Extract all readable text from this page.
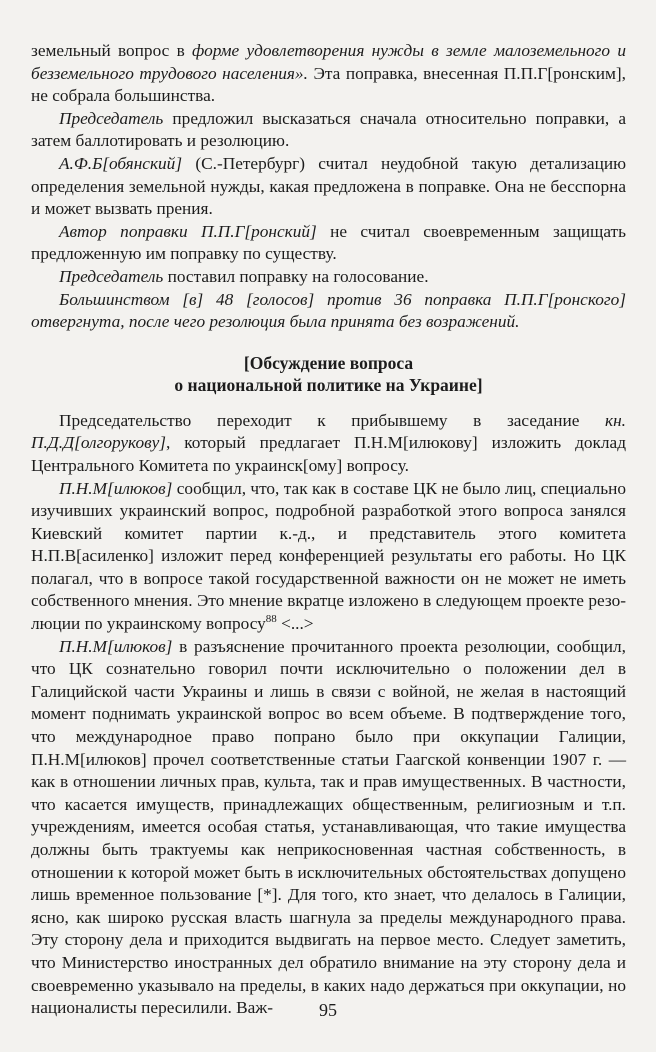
земельный вопрос в форме удовлетворения нужды в земле малоземельного и безземельного трудового населения». Эта поправка, внесенная П.П.Г[ронским], не собрала большинства.

Председатель предложил высказаться сначала относительно поправки, а затем баллотировать и резолюцию.

А.Ф.Б[обянский] (С.-Петербург) считал неудобной такую детализацию определения земельной нужды, какая предложена в поправке. Она не бесспорна и может вызвать прения.

Автор поправки П.П.Г[ронский] не считал своевременным защищать предложенную им поправку по существу.

Председатель поставил поправку на голосование.

Большинством [в] 48 [голосов] против 36 поправка П.П.Г[ронского] отвергнута, после чего резолюция была принята без возражений.

[Обсуждение вопроса
о национальной политике на Украине]

Председательство переходит к прибывшему в заседание кн. П.Д.Д[олгорукову], который предлагает П.Н.М[илюкову] изложить доклад Центрального Комитета по украинск[ому] вопросу.

П.Н.М[илюков] сообщил, что, так как в составе ЦК не было лиц, специально изучивших украинский вопрос, подробной разработкой этого вопроса занялся Киевский комитет партии к.-д., и представитель этого комитета Н.П.В[асиленко] изложит перед конференцией результаты его работы. Но ЦК полагал, что в вопросе такой государственной важности он не может не иметь собственного мнения. Это мнение вкратце изложено в следующем проекте резолюции по украинскому вопросу$^{88}$ <...>

П.Н.М[илюков] в разъяснение прочитанного проекта резолюции, сообщил, что ЦК сознательно говорил почти исключительно о положении дел в Галицийской части Украины и лишь в связи с войной, не желая в настоящий момент поднимать украинской вопрос во всем объеме. В подтверждение того, что международное право попрано было при оккупации Галиции, П.Н.М[илюков] прочел соответственные статьи Гаагской конвенции 1907 г. — как в отношении личных прав, культа, так и прав имущественных. В частности, что касается имуществ, принадлежащих общественным, религиозным и т.п. учреждениям, имеется особая статья, устанавливающая, что такие имущества должны быть трактуемы как неприкосновенная частная собственность, в отношении к которой может быть в исключительных обстоятельствах допущено лишь временное пользование [*]. Для того, кто знает, что делалось в Галиции, ясно, как широко русская власть шагнула за пределы международного права. Эту сторону дела и приходится выдвигать на первое место. Следует заметить, что Министерство иностранных дел обратило внимание на эту сторону дела и своевременно указывало на пределы, в каких надо держаться при оккупации, но националисты пересилили. Важ-	95
